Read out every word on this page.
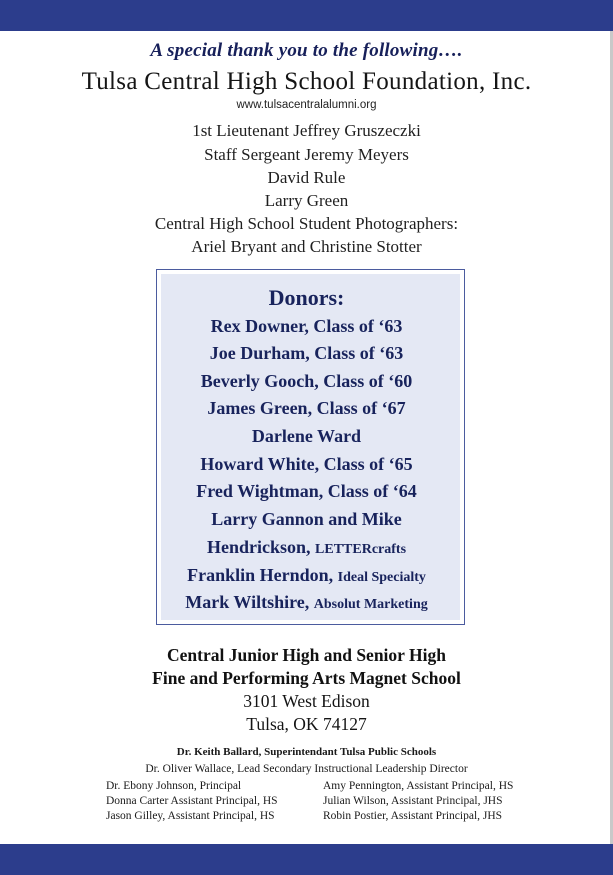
A special thank you to the following….

Tulsa Central High School Foundation, Inc.

www.tulsacentralalumni.org

1st Lieutenant Jeffrey Gruszeczki

Staff Sergeant Jeremy Meyers

David Rule

Larry Green

Central High School Student Photographers:

Ariel Bryant and Christine Stotter

Donors:

Rex Downer, Class of ‘63

Joe Durham, Class of ‘63

Beverly Gooch, Class of ‘60

James Green, Class of ‘67

Darlene Ward

Howard White, Class of ‘65

Fred Wightman, Class of ‘64

Larry Gannon and Mike

Hendrickson, LETTERcrafts

Franklin Herndon, Ideal Specialty

Mark Wiltshire, Absolut Marketing

Central Junior High and Senior High

Fine and Performing Arts Magnet School

3101 West Edison

Tulsa, OK 74127

Dr. Keith Ballard, Superintendant Tulsa Public Schools

Dr. Oliver Wallace, Lead Secondary Instructional Leadership Director

Dr. Ebony Johnson, Principal

Donna Carter Assistant Principal, HS

Jason Gilley, Assistant Principal, HS

Amy Pennington, Assistant Principal, HS

Julian Wilson, Assistant Principal, JHS

Robin Postier, Assistant Principal, JHS
